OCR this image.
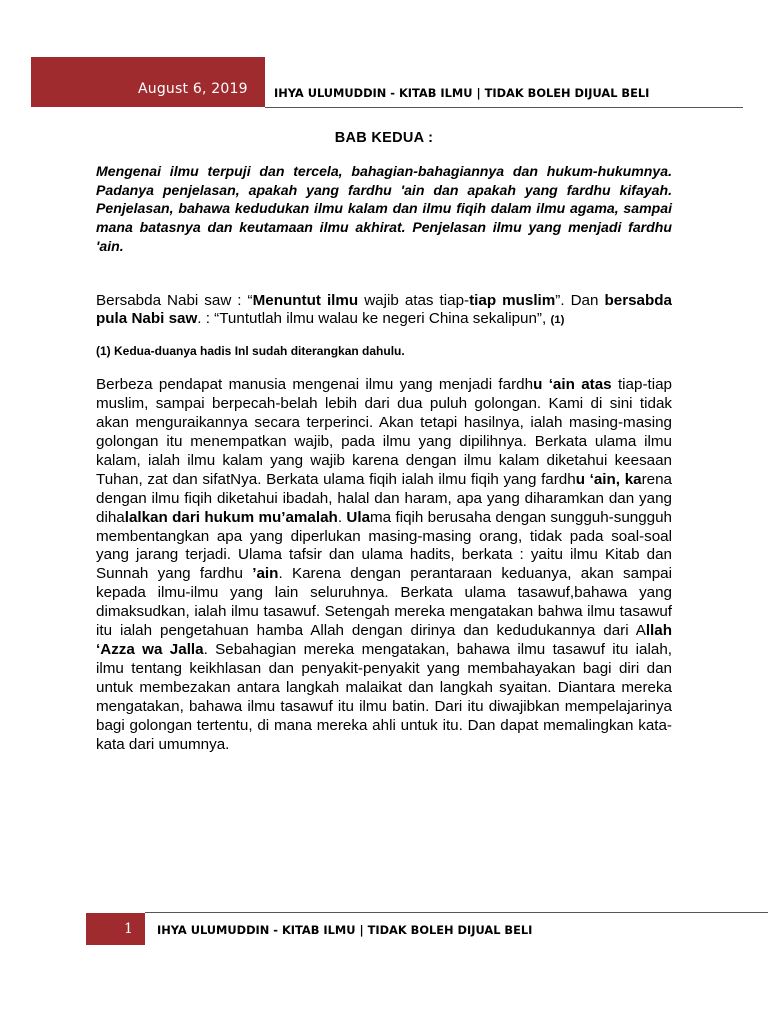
August 6, 2019 IHYA ULUMUDDIN - KITAB ILMU | TIDAK BOLEH DIJUAL BELI

BAB KEDUA :

Mengenai ilmu terpuji dan tercela, bahagian-bahagiannya dan hukum-hukumnya. Padanya penjelasan, apakah yang fardhu 'ain dan apakah yang fardhu kifayah. Penjelasan, bahawa kedudukan ilmu kalam dan ilmu fiqih dalam ilmu agama, sampai mana batasnya dan keutamaan ilmu akhirat. Penjelasan ilmu yang menjadi fardhu 'ain.

Bersabda Nabi saw : “Menuntut ilmu wajib atas tiap-tiap muslim”. Dan bersabda pula Nabi saw. : “Tuntutlah ilmu walau ke negeri China sekalipun”, (1)

(1) Kedua-duanya hadis Inl sudah diterangkan dahulu.

Berbeza pendapat manusia mengenai ilmu yang menjadi fardhu ‘ain atas tiap-tiap muslim, sampai berpecah-belah lebih dari dua puluh golongan. Kami di sini tidak akan menguraikannya secara terperinci. Akan tetapi hasilnya, ialah masing-masing golongan itu menempatkan wajib, pada ilmu yang dipilihnya. Berkata ulama ilmu kalam, ialah ilmu kalam yang wajib karena dengan ilmu kalam diketahui keesaan Tuhan, zat dan sifatNya. Berkata ulama fiqih ialah ilmu fiqih yang fardhu ‘ain, karena dengan ilmu fiqih diketahui ibadah, halal dan haram, apa yang diharamkan dan yang dihalalkan dari hukum mu’amalah. Ulama fiqih berusaha dengan sungguh-sungguh membentangkan apa yang diperlukan masing-masing orang, tidak pada soal-soal yang jarang terjadi. Ulama tafsir dan ulama hadits, berkata : yaitu ilmu Kitab dan Sunnah yang fardhu ’ain. Karena dengan perantaraan keduanya, akan sampai kepada ilmu-ilmu yang lain seluruhnya. Berkata ulama tasawuf,bahawa yang dimaksudkan, ialah ilmu tasawuf. Setengah mereka mengatakan bahwa ilmu tasawuf itu ialah pengetahuan hamba Allah dengan dirinya dan kedudukannya dari Allah ‘Azza wa Jalla. Sebahagian mereka mengatakan, bahawa ilmu tasawuf itu ialah, ilmu tentang keikhlasan dan penyakit-penyakit yang membahayakan bagi diri dan untuk membezakan antara langkah malaikat dan langkah syaitan. Diantara mereka mengatakan, bahawa ilmu tasawuf itu ilmu batin. Dari itu diwajibkan mempelajarinya bagi golongan tertentu, di mana mereka ahli untuk itu. Dan dapat memalingkan kata-kata dari umumnya.

1 IHYA ULUMUDDIN - KITAB ILMU | TIDAK BOLEH DIJUAL BELI
